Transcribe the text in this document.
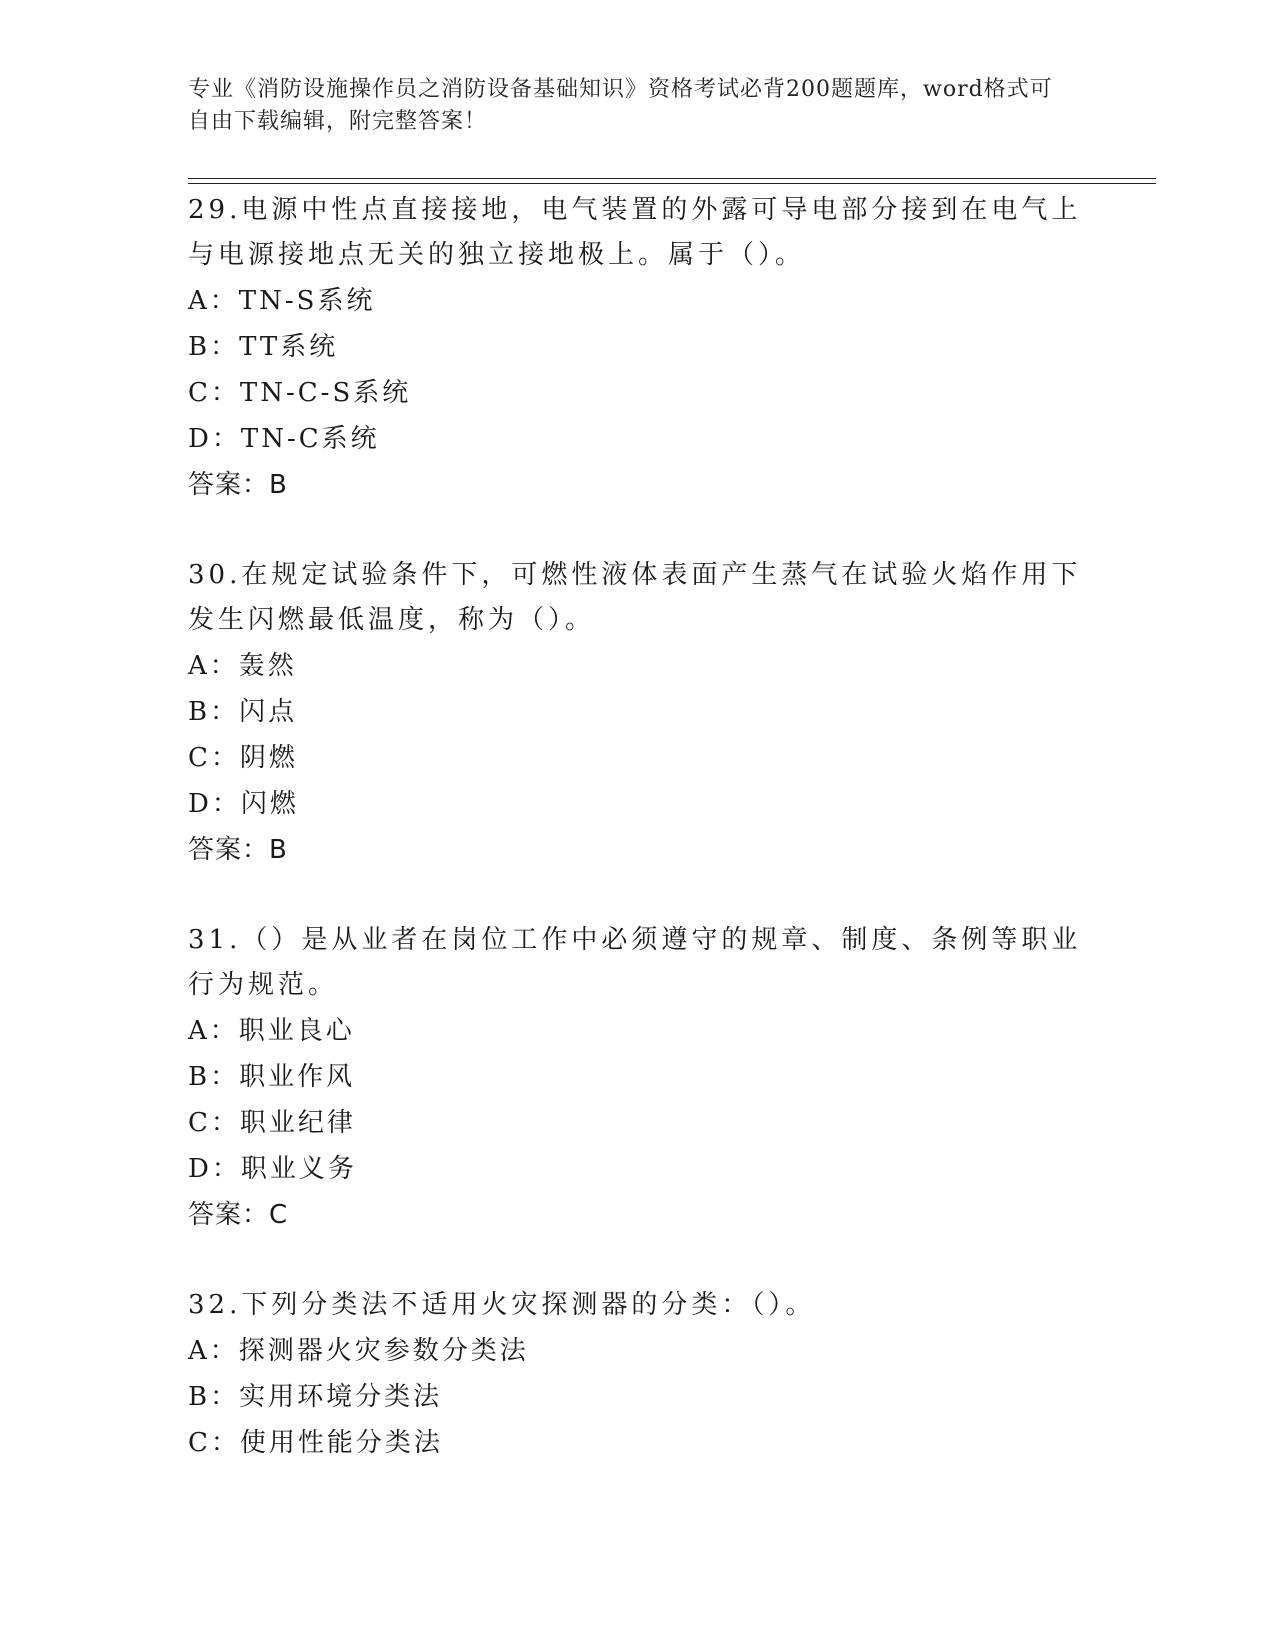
专业《消防设施操作员之消防设备基础知识》资格考试必背200题题库，word格式可自由下载编辑，附完整答案！

29.电源中性点直接接地，电气装置的外露可导电部分接到在电气上与电源接地点无关的独立接地极上。属于（）。

A：TN-S系统

B：TT系统

C：TN-C-S系统

D：TN-C系统

答案：B

30.在规定试验条件下，可燃性液体表面产生蒸气在试验火焰作用下发生闪燃最低温度，称为（）。

A：轰然

B：闪点

C：阴燃

D：闪燃

答案：B

31.（）是从业者在岗位工作中必须遵守的规章、制度、条例等职业行为规范。

A：职业良心

B：职业作风

C：职业纪律

D：职业义务

答案：C

32.下列分类法不适用火灾探测器的分类：（）。

A：探测器火灾参数分类法

B：实用环境分类法

C：使用性能分类法
